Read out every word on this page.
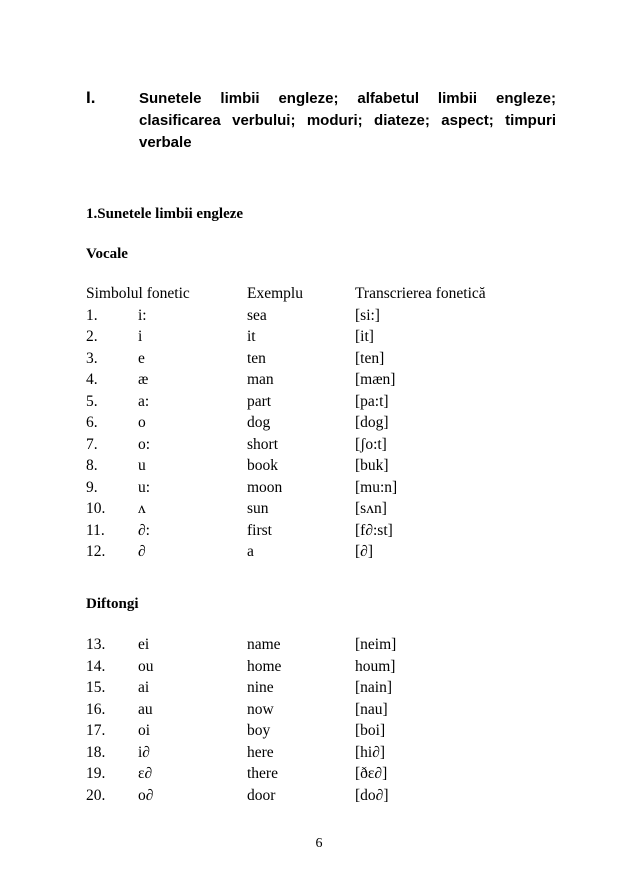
I.	Sunetele limbii engleze; alfabetul limbii engleze; clasificarea verbului; moduri; diateze; aspect; timpuri verbale
1.Sunetele limbii engleze
Vocale
Simbolul fonetic	Exemplu	Transcrierea fonetică
1.	i:	sea	[si:]
2.	i	it	[it]
3.	e	ten	[ten]
4.	æ	man	[mæn]
5.	a:	part	[pa:t]
6.	o	dog	[dog]
7.	o:	short	[ʃo:t]
8.	u	book	[buk]
9.	u:	moon	[mu:n]
10. ʌ	sun	[sʌn]
11. ∂:	first	[f∂:st]
12. ∂	a	[∂]
Diftongi
13. ei	name	[neim]
14. ou	home	houm]
15. ai	nine	[nain]
16. au	now	[nau]
17. oi	boy	[boi]
18. i∂	here	[hi∂]
19. ɛ∂	there	[ðɛ∂]
20. o∂	door	[do∂]
6
